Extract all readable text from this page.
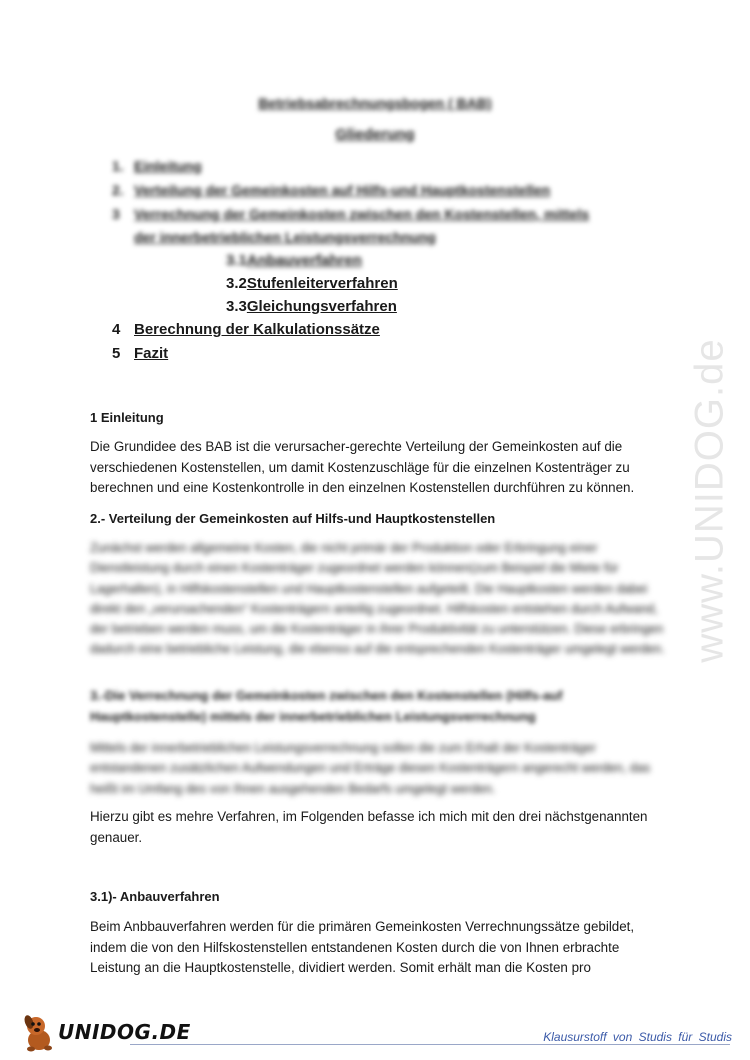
Betriebsabrechnungsbogen ( BAB)
Gliederung
1. Einleitung
2. Verteilung der Gemeinkosten auf Hilfs-und Hauptkostenstellen
3 Verrechnung der Gemeinkosten zwischen den Kostenstellen, mittels
der innerbetrieblichen Leistungsverrechnung
3.1Anbauverfahren
3.2Stufenleiterverfahren
3.3Gleichungsverfahren
4 Berechnung der Kalkulationssätze
5 Fazit
1 Einleitung
Die Grundidee des BAB ist die verursacher-gerechte Verteilung der Gemeinkosten auf die verschiedenen Kostenstellen, um damit Kostenzuschläge für die einzelnen Kostenträger zu berechnen und eine Kostenkontrolle in den einzelnen Kostenstellen durchführen zu können.
2.- Verteilung der Gemeinkosten auf Hilfs-und Hauptkostenstellen
Zunächst werden allgemeine Kosten, die nicht primär der Produktion oder Erbringung einer Dienstleistung durch einen Kostenträger zugeordnet werden können(zum Beispiel die Miete für Lagerhallen), in Hilfskostenstellen und Hauptkostenstellen aufgeteilt. Die Hauptkosten werden dabei direkt den „verursachenden“ Kostenträgern anteilig zugeordnet. Hilfskosten entstehen durch Aufwand, der betrieben werden muss, um die Kostenträger in ihrer Produktivität zu unterstützen. Diese erbringen dadurch eine betriebliche Leistung, die ebenso auf die entsprechenden Kostenträger umgelegt werden.
3.-Die Verrechnung der Gemeinkosten zwischen den Kostenstellen (Hilfs-auf
Hauptkostenstelle) mittels der innerbetrieblichen Leistungsverrechnung
Mittels der innerbetrieblichen Leistungsverrechnung sollen die zum Erhalt der Kostenträger entstandenen zusätzlichen Aufwendungen und Erträge diesen Kostenträgern angerecht werden, das heißt im Umfang des von Ihnen ausgehenden Bedarfs umgelegt werden.
Hierzu gibt es mehre Verfahren, im Folgenden befasse ich mich mit den drei nächstgenannten genauer.
3.1)- Anbauverfahren
Beim Anbbauverfahren werden für die primären Gemeinkosten Verrechnungssätze gebildet, indem die von den Hilfskostenstellen entstandenen Kosten durch die von Ihnen erbrachte Leistung an die Hauptkostenstelle, dividiert werden. Somit erhält man die Kosten pro
www.UNIDOG.de
UNIDOG.DE	Klausurstoff von Studis für Studis
